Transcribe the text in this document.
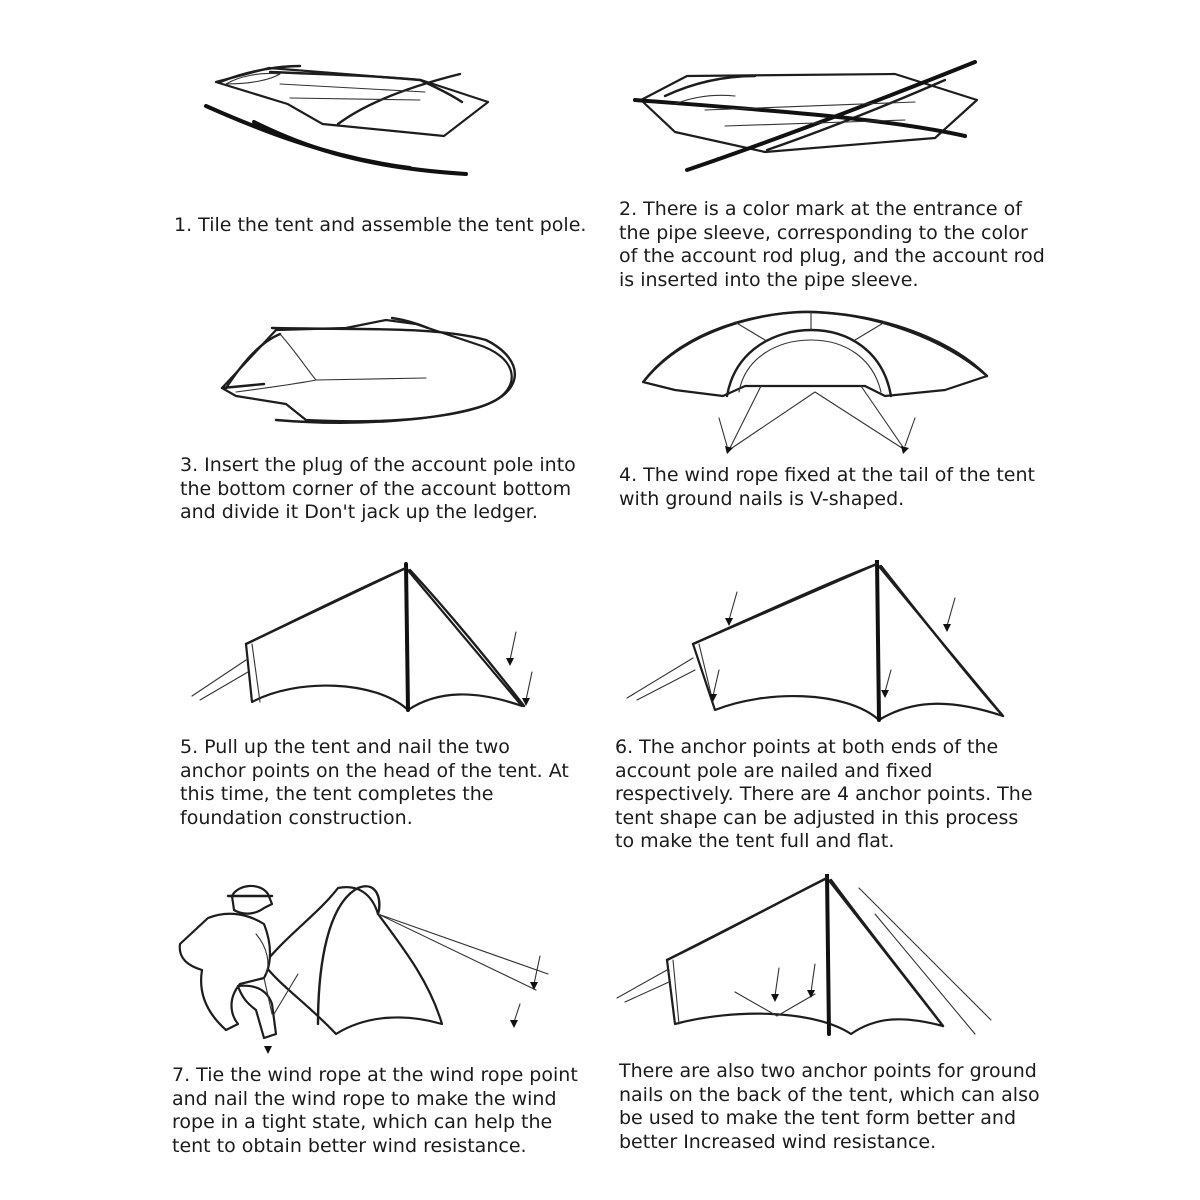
1. Tile the tent and assemble the tent pole.

2. There is a color mark at the entrance of
the pipe sleeve, corresponding to the color
of the account rod plug, and the account rod
is inserted into the pipe sleeve.

3. Insert the plug of the account pole into
the bottom corner of the account bottom
and divide it Don't jack up the ledger.

4. The wind rope fixed at the tail of the tent
with ground nails is V-shaped.

5. Pull up the tent and nail the two
anchor points on the head of the tent. At
this time, the tent completes the
foundation construction.

6. The anchor points at both ends of the
account pole are nailed and fixed
respectively. There are 4 anchor points. The
tent shape can be adjusted in this process
to make the tent full and flat.

7. Tie the wind rope at the wind rope point
and nail the wind rope to make the wind
rope in a tight state, which can help the
tent to obtain better wind resistance.

There are also two anchor points for ground
nails on the back of the tent, which can also
be used to make the tent form better and
better Increased wind resistance.
